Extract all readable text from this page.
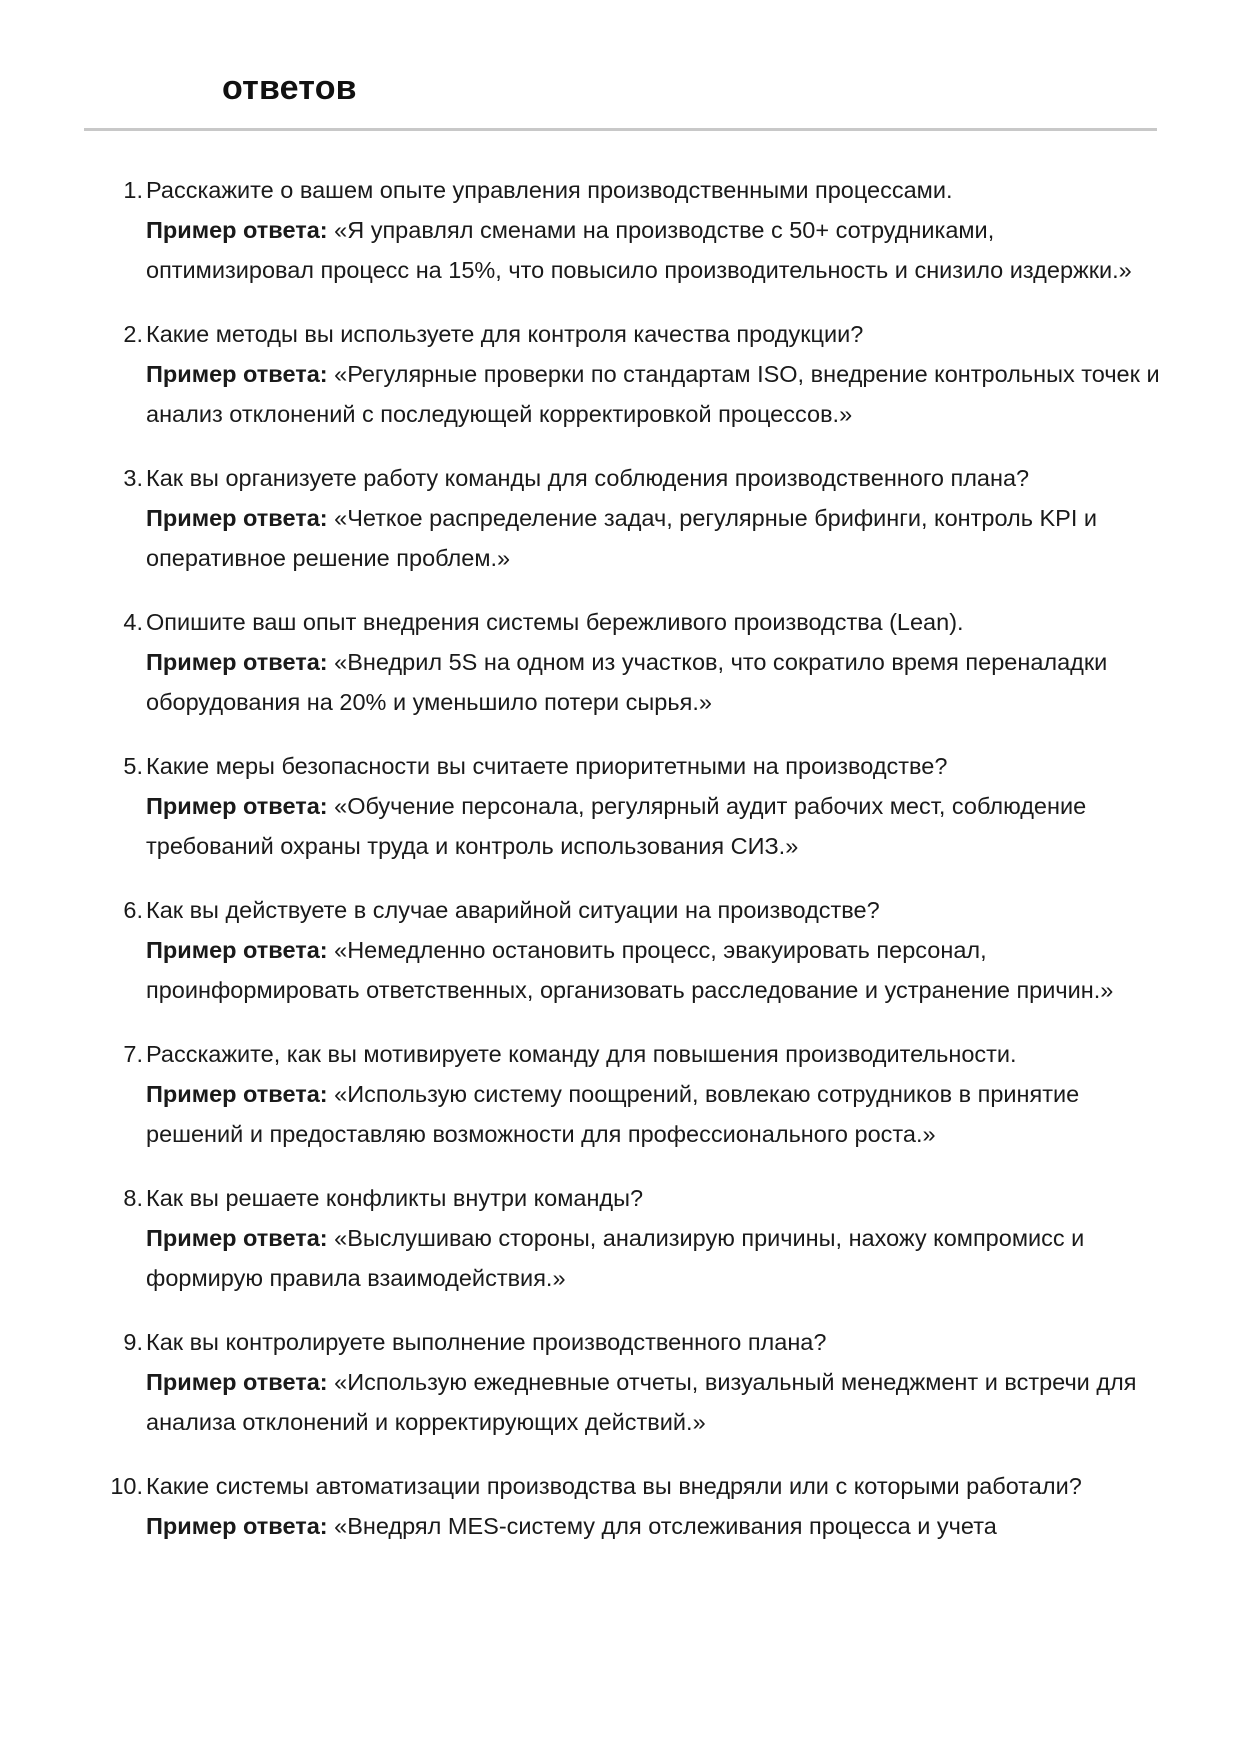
ответов
1. Расскажите о вашем опыте управления производственными процессами.
Пример ответа: «Я управлял сменами на производстве с 50+ сотрудниками, оптимизировал процесс на 15%, что повысило производительность и снизило издержки.»
2. Какие методы вы используете для контроля качества продукции?
Пример ответа: «Регулярные проверки по стандартам ISO, внедрение контрольных точек и анализ отклонений с последующей корректировкой процессов.»
3. Как вы организуете работу команды для соблюдения производственного плана?
Пример ответа: «Четкое распределение задач, регулярные брифинги, контроль KPI и оперативное решение проблем.»
4. Опишите ваш опыт внедрения системы бережливого производства (Lean).
Пример ответа: «Внедрил 5S на одном из участков, что сократило время переналадки оборудования на 20% и уменьшило потери сырья.»
5. Какие меры безопасности вы считаете приоритетными на производстве?
Пример ответа: «Обучение персонала, регулярный аудит рабочих мест, соблюдение требований охраны труда и контроль использования СИЗ.»
6. Как вы действуете в случае аварийной ситуации на производстве?
Пример ответа: «Немедленно остановить процесс, эвакуировать персонал, проинформировать ответственных, организовать расследование и устранение причин.»
7. Расскажите, как вы мотивируете команду для повышения производительности.
Пример ответа: «Использую систему поощрений, вовлекаю сотрудников в принятие решений и предоставляю возможности для профессионального роста.»
8. Как вы решаете конфликты внутри команды?
Пример ответа: «Выслушиваю стороны, анализирую причины, нахожу компромисс и формирую правила взаимодействия.»
9. Как вы контролируете выполнение производственного плана?
Пример ответа: «Использую ежедневные отчеты, визуальный менеджмент и встречи для анализа отклонений и корректирующих действий.»
10. Какие системы автоматизации производства вы внедряли или с которыми работали?
Пример ответа: «Внедрял MES-систему для отслеживания процесса и учета
